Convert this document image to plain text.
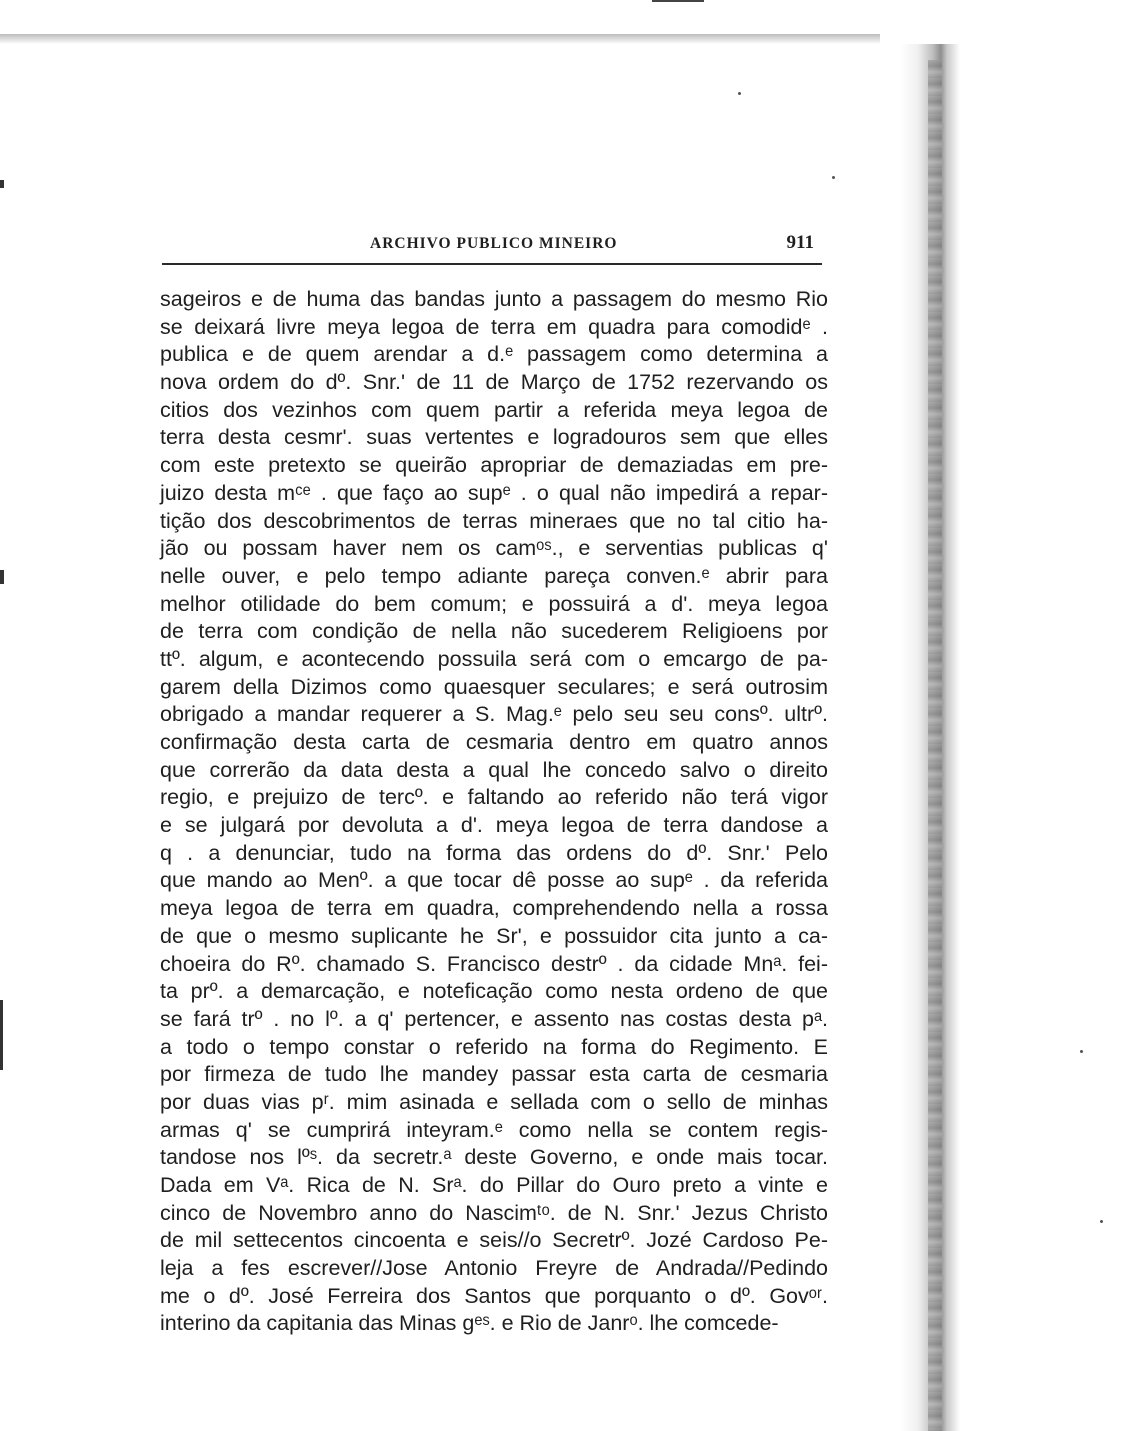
ARCHIVO PUBLICO MINEIRO	911
sageiros e de huma das bandas junto a passagem do mesmo Rio
se deixará livre meya legoa de terra em quadra para comodidᵉ .
publica e de quem arendar a d.ᵉ passagem como determina a
nova ordem do dº. Snr.' de 11 de Março de 1752 rezervando os
citios dos vezinhos com quem partir a referida meya legoa de
terra desta cesmr'. suas vertentes e logradouros sem que elles
com este pretexto se queirão apropriar de demaziadas em pre-
juizo desta mᶜᵉ . que faço ao supᵉ . o qual não impedirá a repar-
tição dos descobrimentos de terras mineraes que no tal citio ha-
jão ou possam haver nem os camᵒˢ., e serventias publicas q'
nelle ouver, e pelo tempo adiante pareça conven.ᵉ abrir para
melhor otilidade do bem comum; e possuirá a d'. meya legoa
de terra com condição de nella não sucederem Religioens por
ttº. algum, e acontecendo possuila será com o emcargo de pa-
garem della Dizimos como quaesquer seculares; e será outrosim
obrigado a mandar requerer a S. Mag.ᵉ pelo seu seu consº. ultrº.
confirmação desta carta de cesmaria dentro em quatro annos
que correrão da data desta a qual lhe concedo salvo o direito
regio, e prejuizo de tercº. e faltando ao referido não terá vigor
e se julgará por devoluta a d'. meya legoa de terra dandose a
q . a denunciar, tudo na forma das ordens do dº. Snr.' Pelo
que mando ao Menº. a que tocar dê posse ao supᵉ . da referida
meya legoa de terra em quadra, comprehendendo nella a rossa
de que o mesmo suplicante he Sr', e possuidor cita junto a ca-
choeira do Rº. chamado S. Francisco destrº . da cidade Mnᵃ. fei-
ta prº. a demarcação, e noteficação como nesta ordeno de que
se fará trº . no lº. a q' pertencer, e assento nas costas desta pᵃ.
a todo o tempo constar o referido na forma do Regimento. E
por firmeza de tudo lhe mandey passar esta carta de cesmaria
por duas vias pʳ. mim asinada e sellada com o sello de minhas
armas q' se cumprirá inteyram.ᵉ como nella se contem regis-
tandose nos lºˢ. da secretr.ᵃ deste Governo, e onde mais tocar.
Dada em Vᵃ. Rica de N. Srᵃ. do Pillar do Ouro preto a vinte e
cinco de Novembro anno do Nascimᵗᵒ. de N. Snr.' Jezus Christo
de mil settecentos cincoenta e seis//o Secretrº. Jozé Cardoso Pe-
leja a fes escrever//Jose Antonio Freyre de Andrada//Pedindo
me o dº. José Ferreira dos Santos que porquanto o dº. Govᵒʳ.
interino da capitania das Minas gᵉˢ. e Rio de Janrᵒ. lhe comcede-
